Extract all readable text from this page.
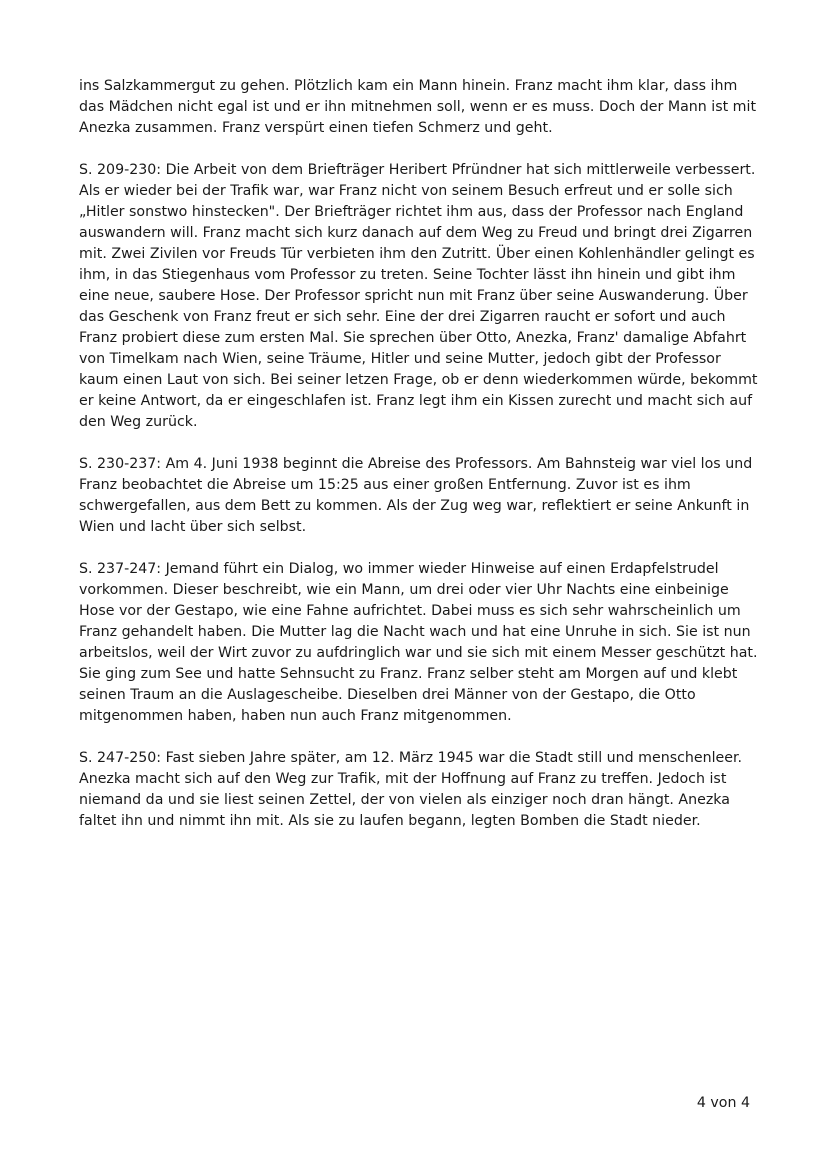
ins Salzkammergut zu gehen. Plötzlich kam ein Mann hinein. Franz macht ihm klar, dass ihm das Mädchen nicht egal ist und er ihn mitnehmen soll, wenn er es muss. Doch der Mann ist mit Anezka zusammen. Franz verspürt einen tiefen Schmerz und geht.

S. 209-230: Die Arbeit von dem Briefträger Heribert Pfründner hat sich mittlerweile verbessert. Als er wieder bei der Trafik war, war Franz nicht von seinem Besuch erfreut und er solle sich „Hitler sonstwo hinstecken". Der Briefträger richtet ihm aus, dass der Professor nach England auswandern will. Franz macht sich kurz danach auf dem Weg zu Freud und bringt drei Zigarren mit. Zwei Zivilen vor Freuds Tür verbieten ihm den Zutritt. Über einen Kohlenhändler gelingt es ihm, in das Stiegenhaus vom Professor zu treten. Seine Tochter lässt ihn hinein und gibt ihm eine neue, saubere Hose. Der Professor spricht nun mit Franz über seine Auswanderung. Über das Geschenk von Franz freut er sich sehr. Eine der drei Zigarren raucht er sofort und auch Franz probiert diese zum ersten Mal. Sie sprechen über Otto, Anezka, Franz' damalige Abfahrt von Timelkam nach Wien, seine Träume, Hitler und seine Mutter, jedoch gibt der Professor kaum einen Laut von sich. Bei seiner letzen Frage, ob er denn wiederkommen würde, bekommt er keine Antwort, da er eingeschlafen ist. Franz legt ihm ein Kissen zurecht und macht sich auf den Weg zurück.

S. 230-237: Am 4. Juni 1938 beginnt die Abreise des Professors. Am Bahnsteig war viel los und Franz beobachtet die Abreise um 15:25 aus einer großen Entfernung. Zuvor ist es ihm schwergefallen, aus dem Bett zu kommen. Als der Zug weg war, reflektiert er seine Ankunft in Wien und lacht über sich selbst.

S. 237-247: Jemand führt ein Dialog, wo immer wieder Hinweise auf einen Erdapfelstrudel vorkommen. Dieser beschreibt, wie ein Mann, um drei oder vier Uhr Nachts eine einbeinige Hose vor der Gestapo, wie eine Fahne aufrichtet. Dabei muss es sich sehr wahrscheinlich um Franz gehandelt haben. Die Mutter lag die Nacht wach und hat eine Unruhe in sich. Sie ist nun arbeitslos, weil der Wirt zuvor zu aufdringlich war und sie sich mit einem Messer geschützt hat. Sie ging zum See und hatte Sehnsucht zu Franz. Franz selber steht am Morgen auf und klebt seinen Traum an die Auslagescheibe. Dieselben drei Männer von der Gestapo, die Otto mitgenommen haben, haben nun auch Franz mitgenommen.

S. 247-250: Fast sieben Jahre später, am 12. März 1945 war die Stadt still und menschenleer. Anezka macht sich auf den Weg zur Trafik, mit der Hoffnung auf Franz zu treffen. Jedoch ist niemand da und sie liest seinen Zettel, der von vielen als einziger noch dran hängt. Anezka faltet ihn und nimmt ihn mit. Als sie zu laufen begann, legten Bomben die Stadt nieder.

4 von 4
